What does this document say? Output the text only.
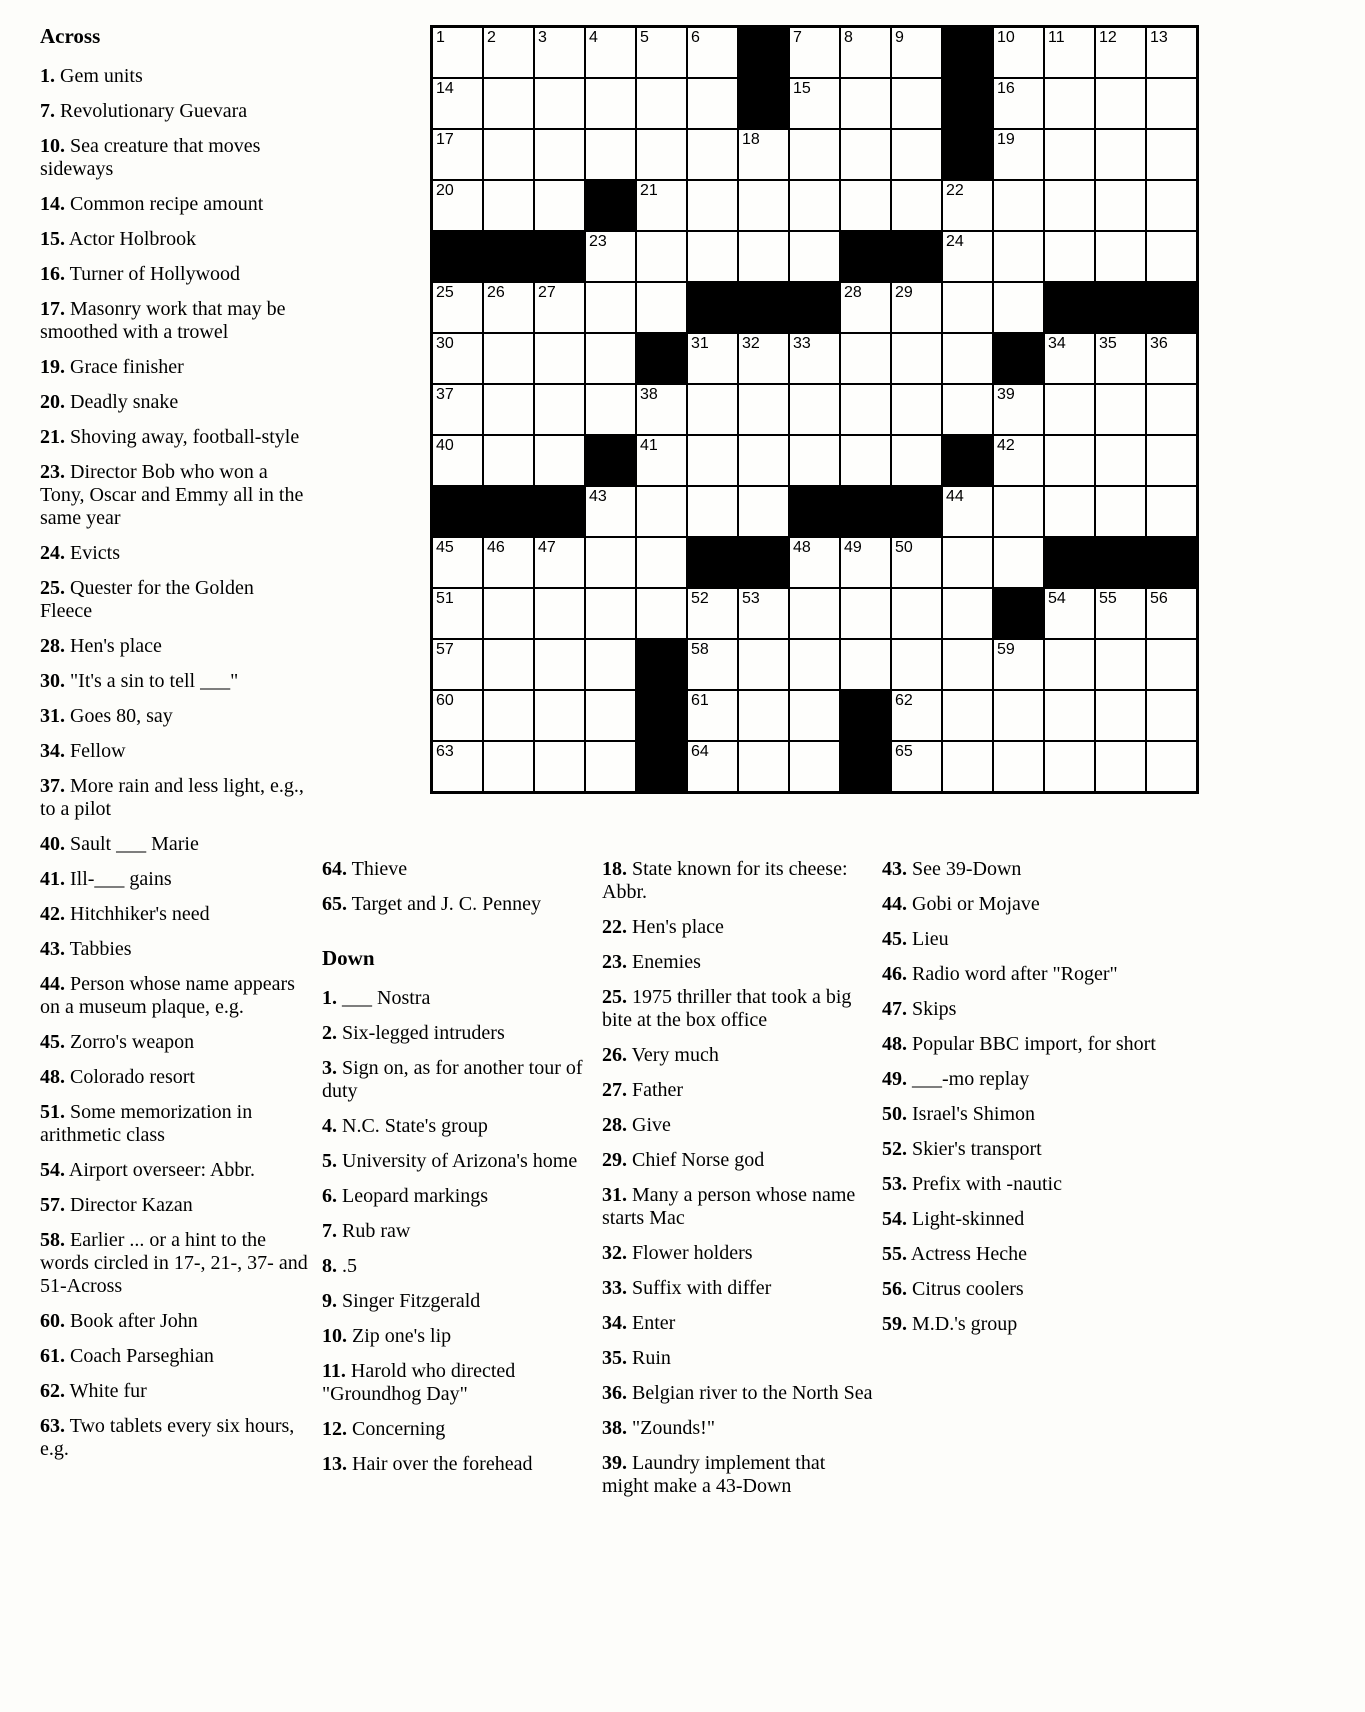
1	2	3	4	5	6	7	8	9	10 11 12 13
14	15	16
17	18	19
20	21	22
23	24
25 26 27	28 29
30	31 32 33	34 35 36
37	38	39
40	41	42
43	44
45 46 47	48 49 50
51	52 53	54 55 56
57	58	59
60	61	62
63	64	65
Across
1. Gem units
7. Revolutionary Guevara
10. Sea creature that moves sideways
14. Common recipe amount
15. Actor Holbrook
16. Turner of Hollywood
17. Masonry work that may be smoothed with a trowel
19. Grace finisher
20. Deadly snake
21. Shoving away, football-style
23. Director Bob who won a Tony, Oscar and Emmy all in the same year
24. Evicts
25. Quester for the Golden Fleece
28. Hen's place
30. "It's a sin to tell ___"
31. Goes 80, say
34. Fellow
37. More rain and less light, e.g., to a pilot
40. Sault ___ Marie
41. Ill-___ gains
42. Hitchhiker's need
43. Tabbies
44. Person whose name appears on a museum plaque, e.g.
45. Zorro's weapon
48. Colorado resort
51. Some memorization in arithmetic class
54. Airport overseer: Abbr.
57. Director Kazan
58. Earlier ... or a hint to the words circled in 17-, 21-, 37- and 51-Across
60. Book after John
61. Coach Parseghian
62. White fur
63. Two tablets every six hours, e.g.
64. Thieve
65. Target and J. C. Penney
Down
1. ___ Nostra
2. Six-legged intruders
3. Sign on, as for another tour of duty
4. N.C. State's group
5. University of Arizona's home
6. Leopard markings
7. Rub raw
8. .5
9. Singer Fitzgerald
10. Zip one's lip
11. Harold who directed "Groundhog Day"
12. Concerning
13. Hair over the forehead
18. State known for its cheese: Abbr.
22. Hen's place
23. Enemies
25. 1975 thriller that took a big bite at the box office
26. Very much
27. Father
28. Give
29. Chief Norse god
31. Many a person whose name starts Mac
32. Flower holders
33. Suffix with differ
34. Enter
35. Ruin
36. Belgian river to the North Sea
38. "Zounds!"
39. Laundry implement that might make a 43-Down
43. See 39-Down
44. Gobi or Mojave
45. Lieu
46. Radio word after "Roger"
47. Skips
48. Popular BBC import, for short
49. ___-mo replay
50. Israel's Shimon
52. Skier's transport
53. Prefix with -nautic
54. Light-skinned
55. Actress Heche
56. Citrus coolers
59. M.D.'s group
